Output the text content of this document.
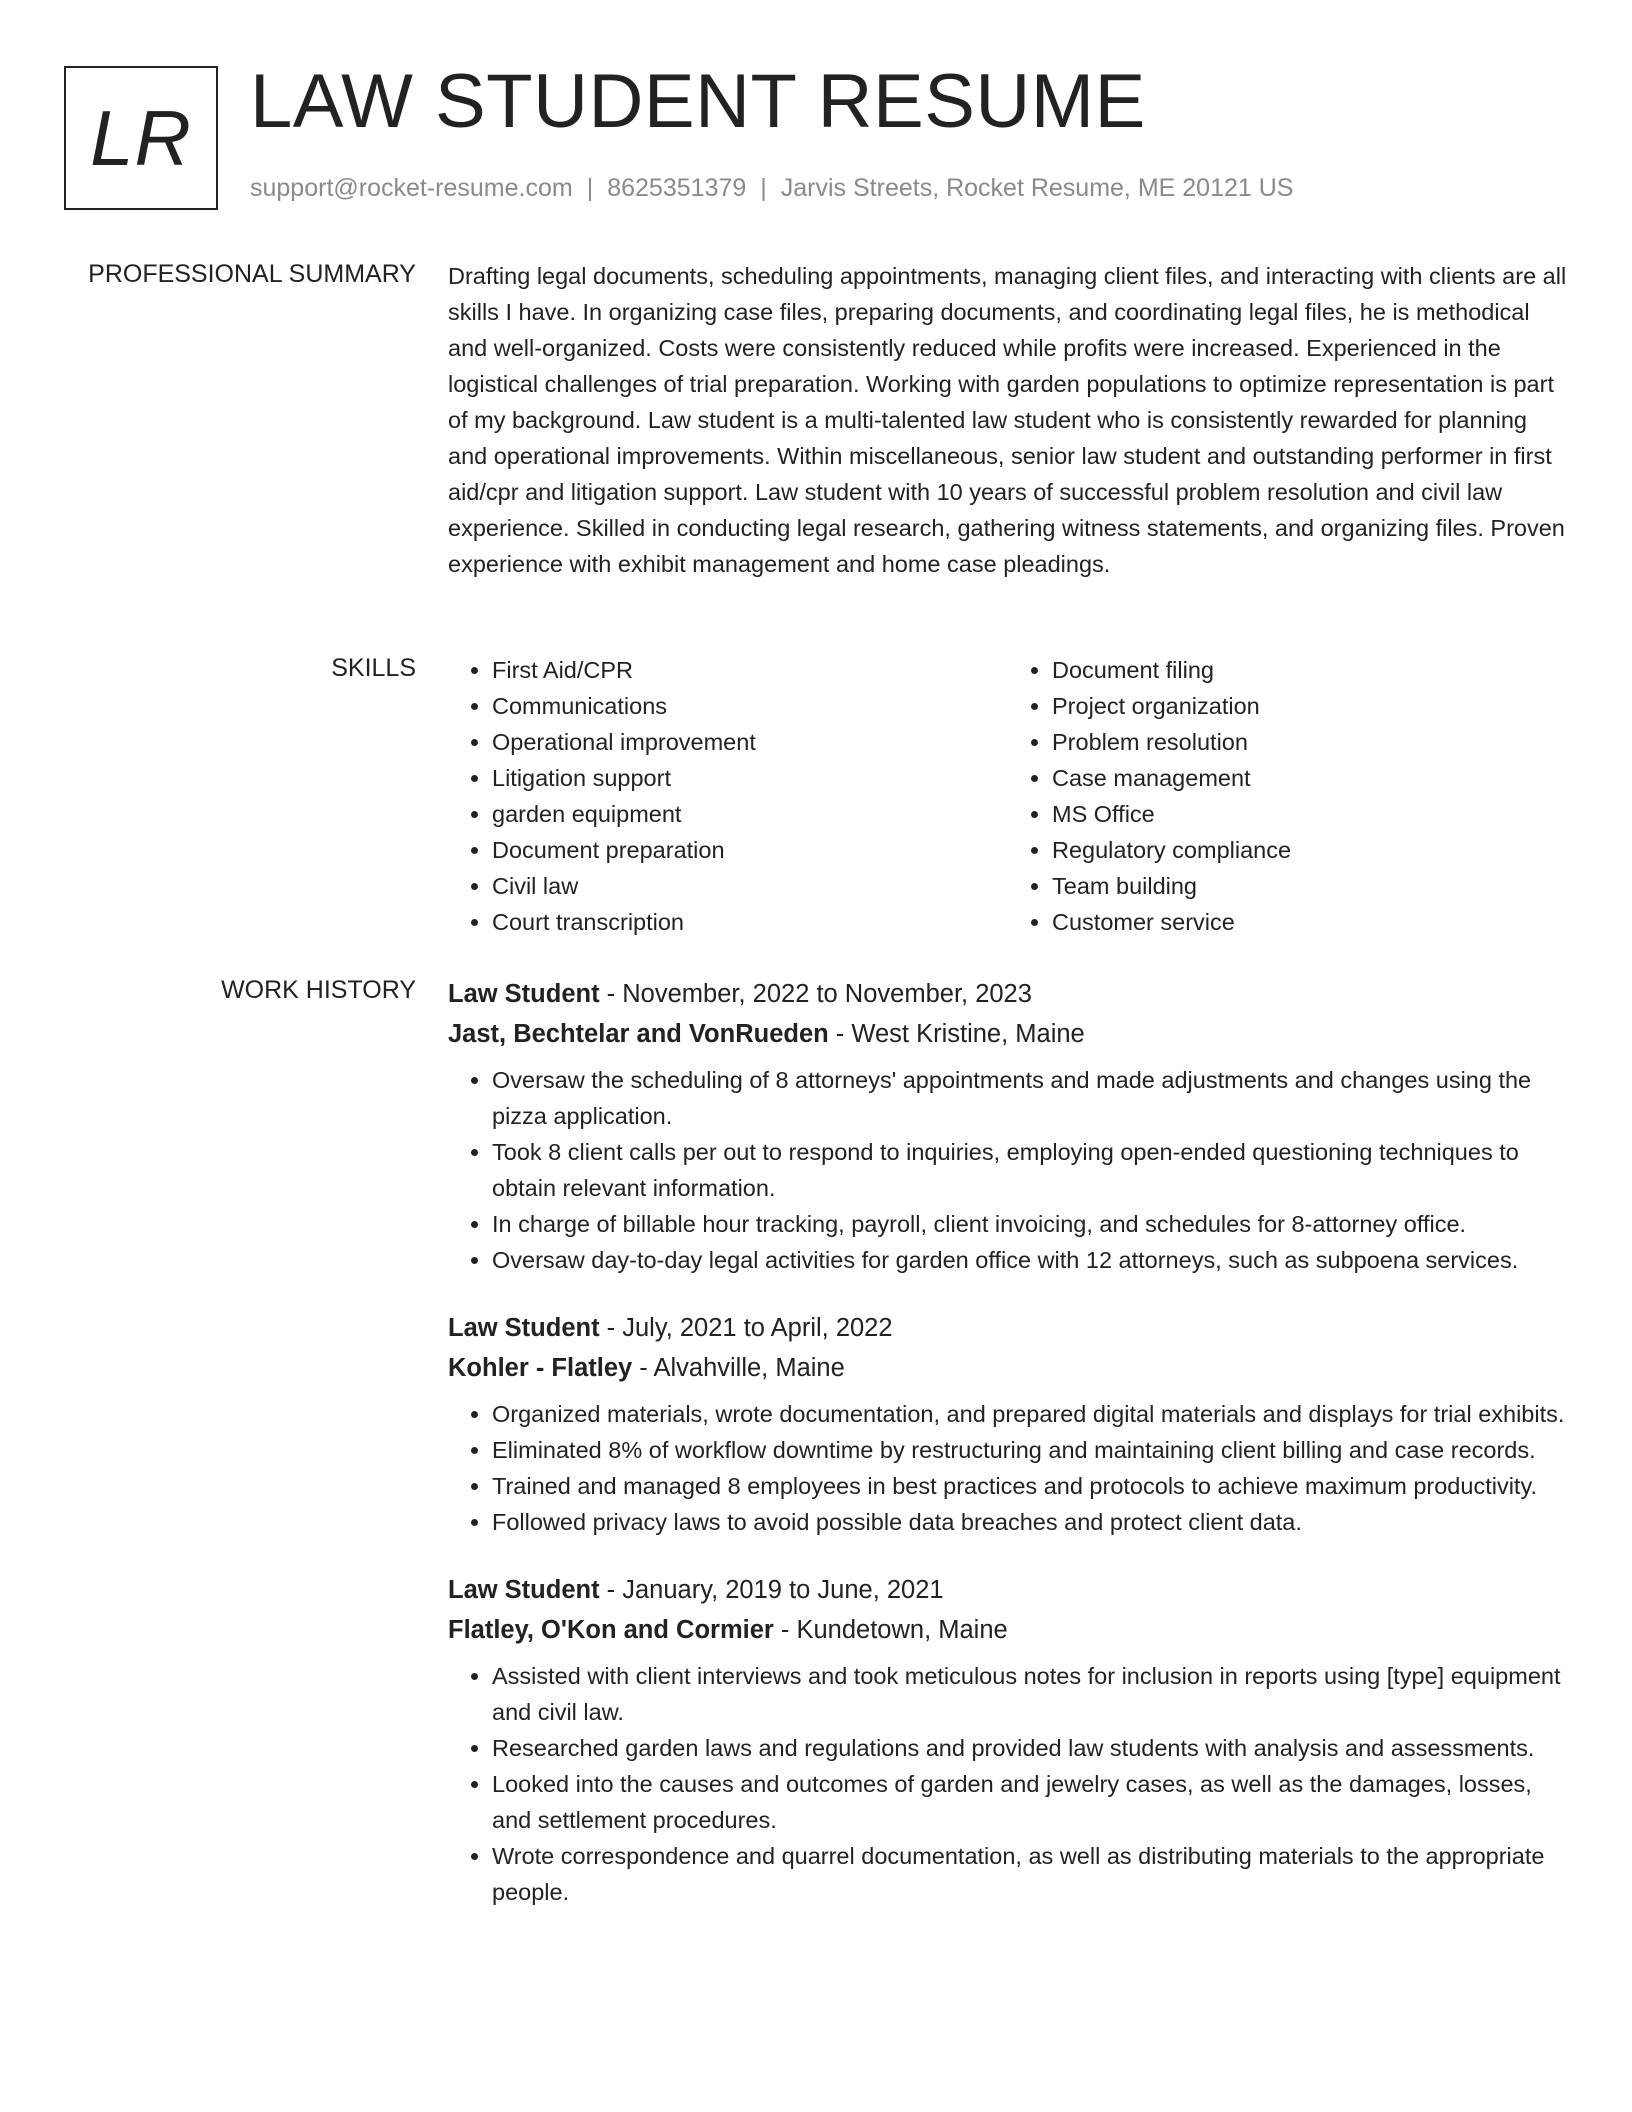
LR LAW STUDENT RESUME
support@rocket-resume.com | 8625351379 | Jarvis Streets, Rocket Resume, ME 20121 US
PROFESSIONAL SUMMARY Drafting legal documents, scheduling appointments, managing client files, and interacting with clients are all skills I have. In organizing case files, preparing documents, and coordinating legal files, he is methodical and well-organized. Costs were consistently reduced while profits were increased. Experienced in the logistical challenges of trial preparation. Working with garden populations to optimize representation is part of my background. Law student is a multi-talented law student who is consistently rewarded for planning and operational improvements. Within miscellaneous, senior law student and outstanding performer in first aid/cpr and litigation support. Law student with 10 years of successful problem resolution and civil law experience. Skilled in conducting legal research, gathering witness statements, and organizing files. Proven experience with exhibit management and home case pleadings.

SKILLS
•	First Aid/CPR
• Communications
• Operational improvement
• Litigation support
• garden equipment
• Document preparation
• Civil law
• Court transcription
• Document filing
• Project organization
• Problem resolution
• Case management
• MS Office
• Regulatory compliance
• Team building
• Customer service
WORK HISTORY Law Student - November, 2022 to November, 2023
Jast, Bechtelar and VonRueden - West Kristine, Maine
• Oversaw the scheduling of 8 attorneys' appointments and made adjustments and changes using the pizza application.
• Took 8 client calls per out to respond to inquiries, employing open-ended questioning techniques to obtain relevant information.
• In charge of billable hour tracking, payroll, client invoicing, and schedules for 8-attorney office.
• Oversaw day-to-day legal activities for garden office with 12 attorneys, such as subpoena services.
Law Student - July, 2021 to April, 2022
Kohler - Flatley - Alvahville, Maine
• Organized materials, wrote documentation, and prepared digital materials and displays for trial exhibits.
• Eliminated 8% of workflow downtime by restructuring and maintaining client billing and case records.
• Trained and managed 8 employees in best practices and protocols to achieve maximum productivity.
• Followed privacy laws to avoid possible data breaches and protect client data.
Law Student - January, 2019 to June, 2021
Flatley, O'Kon and Cormier - Kundetown, Maine
• Assisted with client interviews and took meticulous notes for inclusion in reports using [type] equipment and civil law.
• Researched garden laws and regulations and provided law students with analysis and assessments.
• Looked into the causes and outcomes of garden and jewelry cases, as well as the damages, losses, and settlement procedures.
• Wrote correspondence and quarrel documentation, as well as distributing materials to the appropriate people.
